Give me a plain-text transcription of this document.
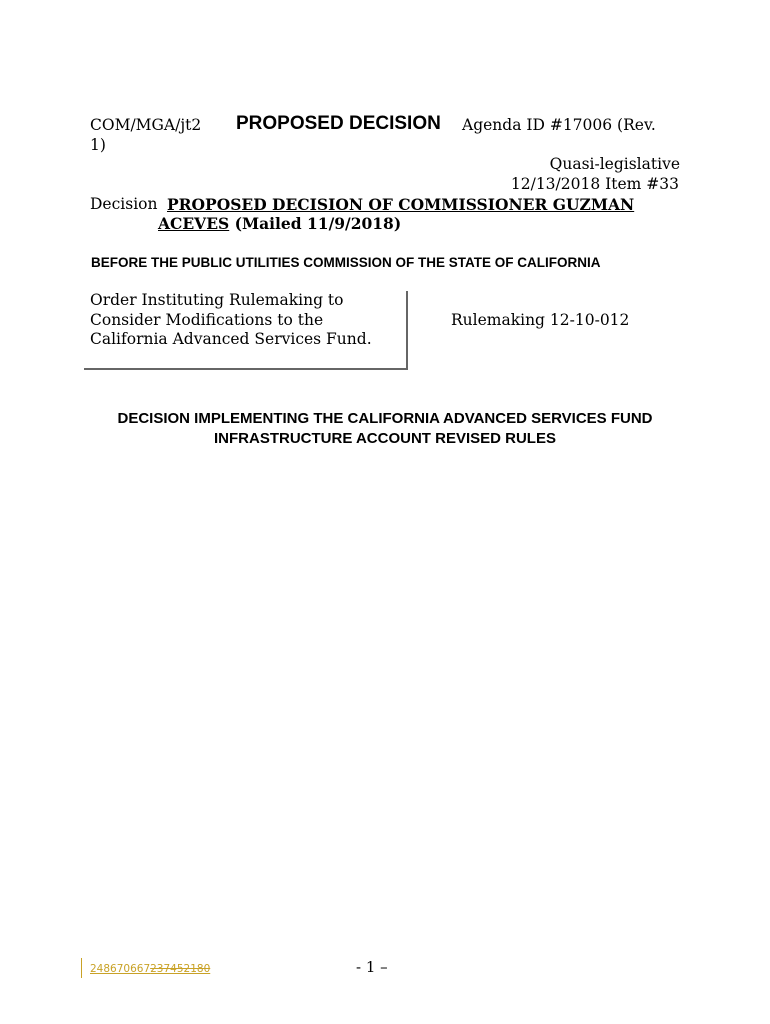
COM/MGA/jt2 PROPOSED DECISION Agenda ID #17006 (Rev.
1)
Quasi-legislative
12/13/2018 Item #33
Decision PROPOSED DECISION OF COMMISSIONER GUZMAN
ACEVES (Mailed 11/9/2018)
BEFORE THE PUBLIC UTILITIES COMMISSION OF THE STATE OF CALIFORNIA
Order Instituting Rulemaking to
Consider Modifications to the
California Advanced Services Fund.
Rulemaking 12-10-012
DECISION IMPLEMENTING THE CALIFORNIA ADVANCED SERVICES FUND
INFRASTRUCTURE ACCOUNT REVISED RULES
248670667237452180	- 1 –
